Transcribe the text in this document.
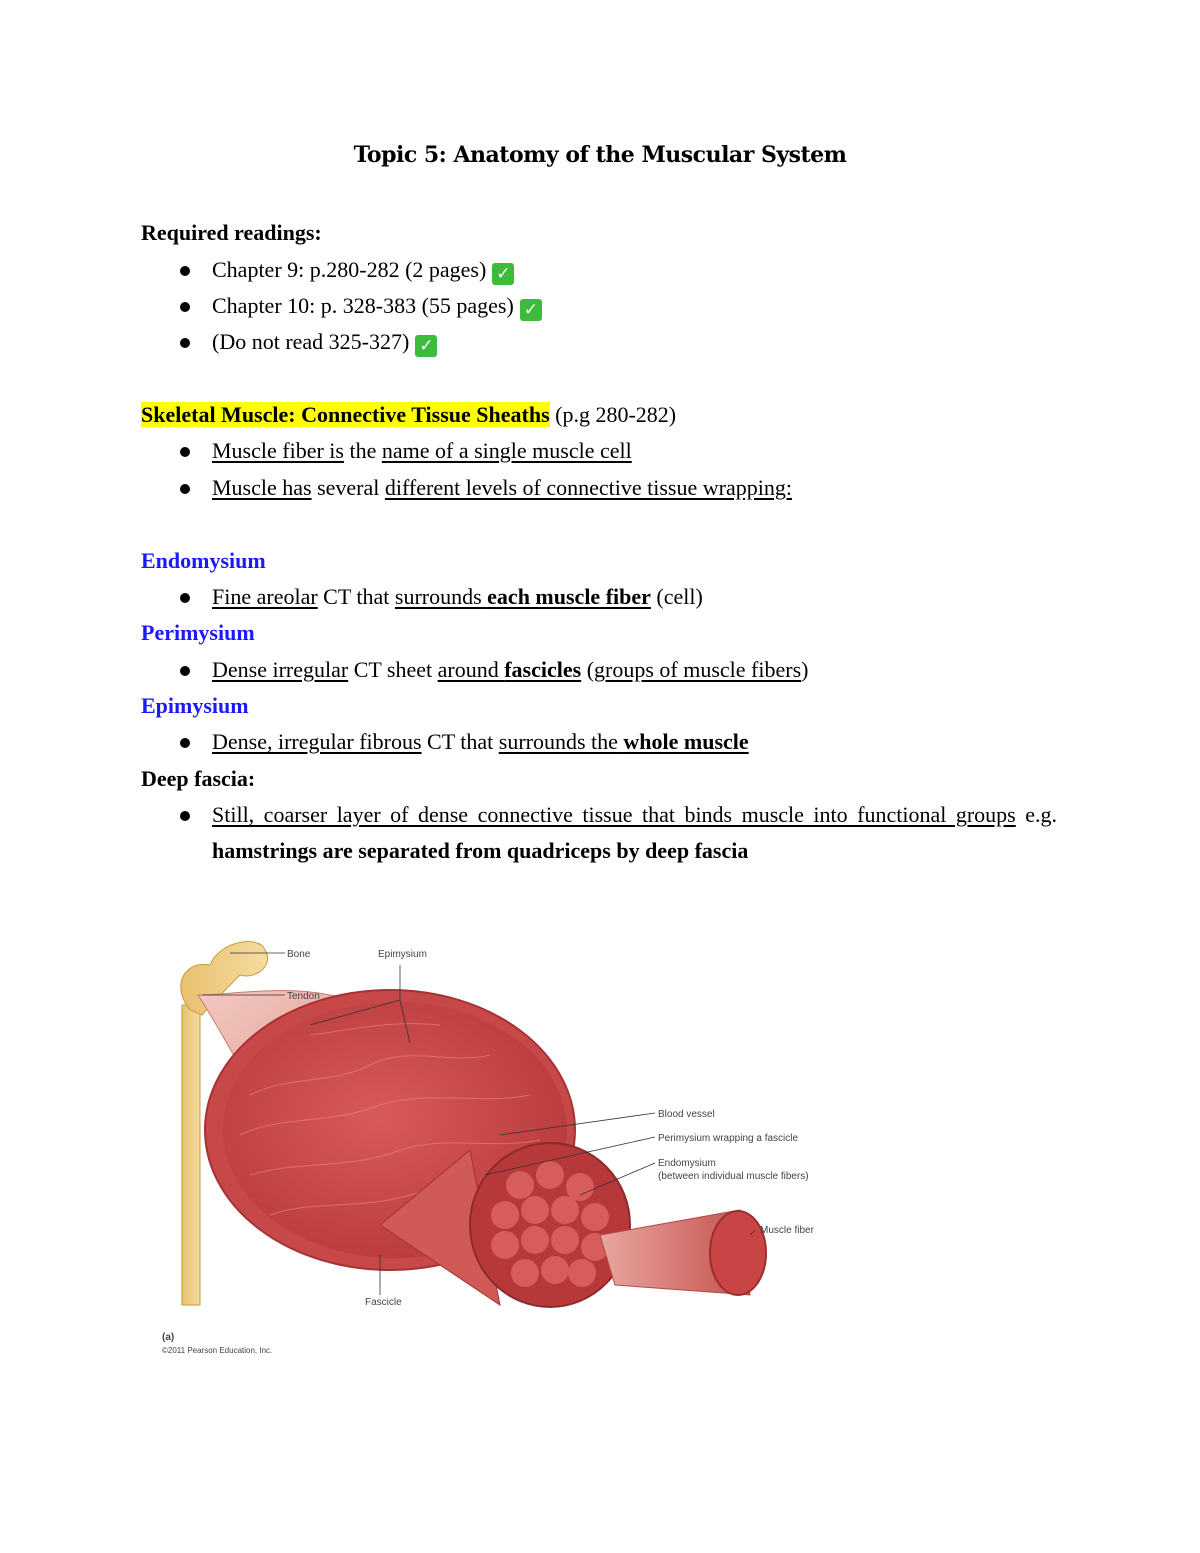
Topic 5: Anatomy of the Muscular System
Required readings:
Chapter 9: p.280-282 (2 pages) ✓
Chapter 10: p. 328-383 (55 pages) ✓
(Do not read 325-327) ✓
Skeletal Muscle: Connective Tissue Sheaths (p.g 280-282)
Muscle fiber is the name of a single muscle cell
Muscle has several different levels of connective tissue wrapping:
Endomysium
Fine areolar CT that surrounds each muscle fiber (cell)
Perimysium
Dense irregular CT sheet around fascicles (groups of muscle fibers)
Epimysium
Dense, irregular fibrous CT that surrounds the whole muscle
Deep fascia:
Still, coarser layer of dense connective tissue that binds muscle into functional groups e.g. hamstrings are separated from quadriceps by deep fascia
Bone
Tendon
Epimysium
Blood vessel
Perimysium wrapping a fascicle
Endomysium
(between individual muscle fibers)
Muscle fiber
Fascicle
(a)
©2011 Pearson Education, Inc.
